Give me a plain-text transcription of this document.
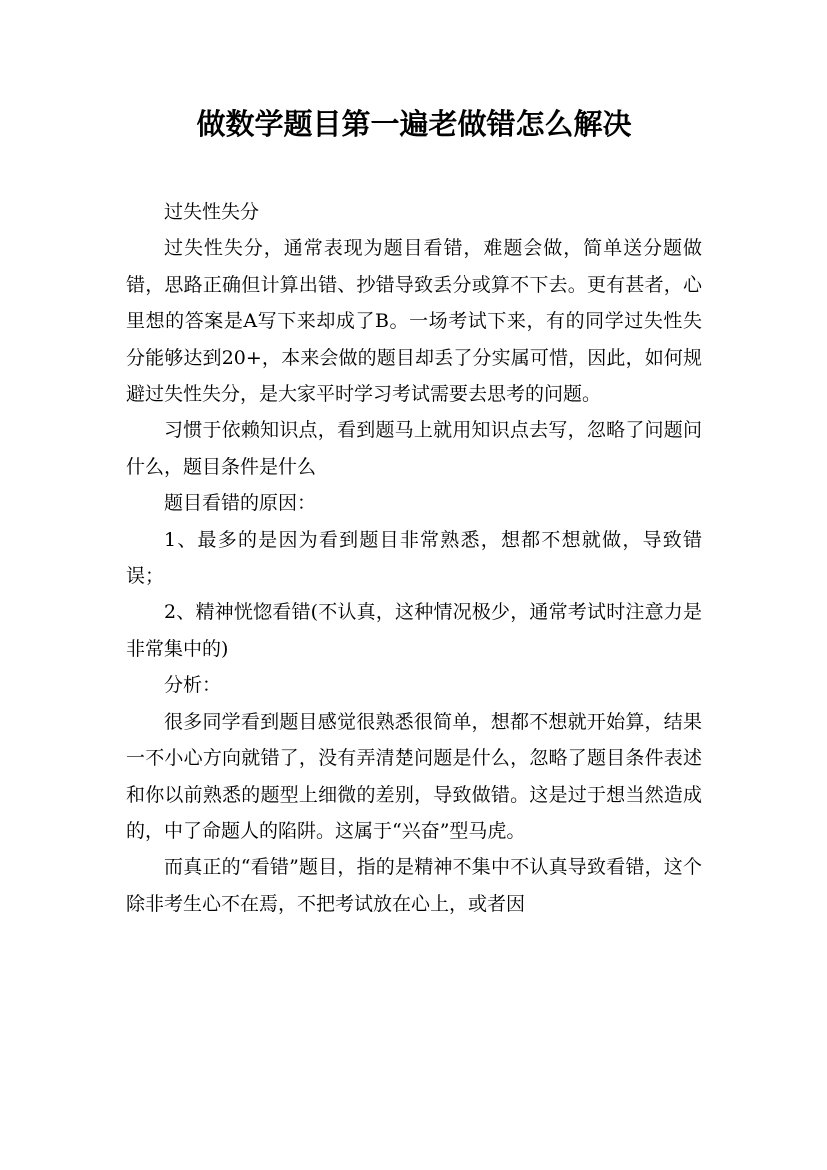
做数学题目第一遍老做错怎么解决

过失性失分

过失性失分，通常表现为题目看错，难题会做，简单送分题做错，思路正确但计算出错、抄错导致丢分或算不下去。更有甚者，心里想的答案是A写下来却成了B。一场考试下来，有的同学过失性失分能够达到20+，本来会做的题目却丢了分实属可惜，因此，如何规避过失性失分，是大家平时学习考试需要去思考的问题。

习惯于依赖知识点，看到题马上就用知识点去写，忽略了问题问什么，题目条件是什么

题目看错的原因：

1、最多的是因为看到题目非常熟悉，想都不想就做，导致错误；

2、精神恍惚看错(不认真，这种情况极少，通常考试时注意力是非常集中的)

分析：

很多同学看到题目感觉很熟悉很简单，想都不想就开始算，结果一不小心方向就错了，没有弄清楚问题是什么，忽略了题目条件表述和你以前熟悉的题型上细微的差别，导致做错。这是过于想当然造成的，中了命题人的陷阱。这属于“兴奋”型马虎。

而真正的“看错”题目，指的是精神不集中不认真导致看错，这个除非考生心不在焉，不把考试放在心上，或者因
